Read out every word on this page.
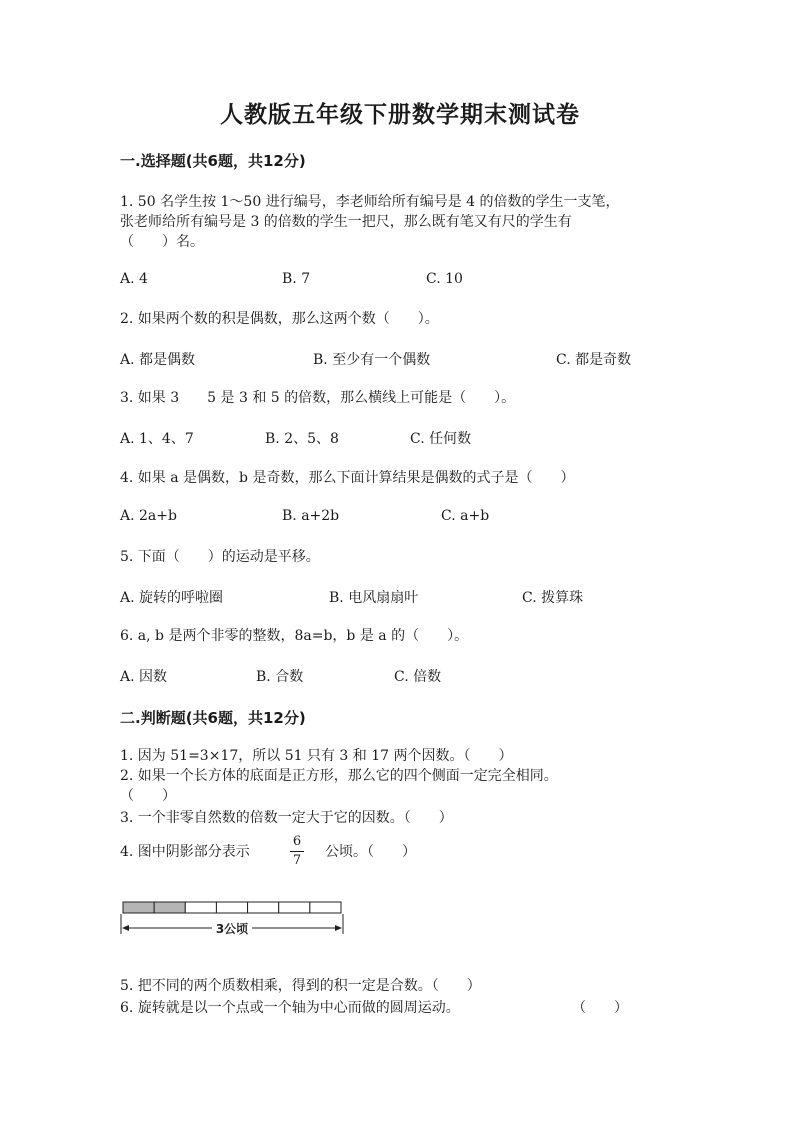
人教版五年级下册数学期末测试卷
一.选择题(共6题，共12分)
1. 50 名学生按 1～50 进行编号，李老师给所有编号是 4 的倍数的学生一支笔，
张老师给所有编号是 3 的倍数的学生一把尺，那么既有笔又有尺的学生有
（　　）名。
A. 4	B. 7	C. 10
2. 如果两个数的积是偶数，那么这两个数（　　）。
A. 都是偶数	B. 至少有一个偶数	C. 都是奇数
3. 如果 3　　5 是 3 和 5 的倍数，那么横线上可能是（　　）。
A. 1、4、7	B. 2、5、8	C. 任何数
4. 如果 a 是偶数，b 是奇数，那么下面计算结果是偶数的式子是（　　）
A. 2a+b	B. a+2b	C. a+b
5. 下面（　　）的运动是平移。
A. 旋转的呼啦圈	B. 电风扇扇叶	C. 拨算珠
6. a, b 是两个非零的整数，8a=b，b 是 a 的（　　）。
A. 因数	B. 合数	C. 倍数
二.判断题(共6题，共12分)
1. 因为 51=3×17，所以 51 只有 3 和 17 两个因数。（　　）
2. 如果一个长方体的底面是正方形，那么它的四个侧面一定完全相同。
（　　）
3. 一个非零自然数的倍数一定大于它的因数。（　　）
4. 图中阴影部分表示
6
7
公顷。（　　）
3公顷
5. 把不同的两个质数相乘，得到的积一定是合数。（　　）
6. 旋转就是以一个点或一个轴为中心而做的圆周运动。	（　　）
